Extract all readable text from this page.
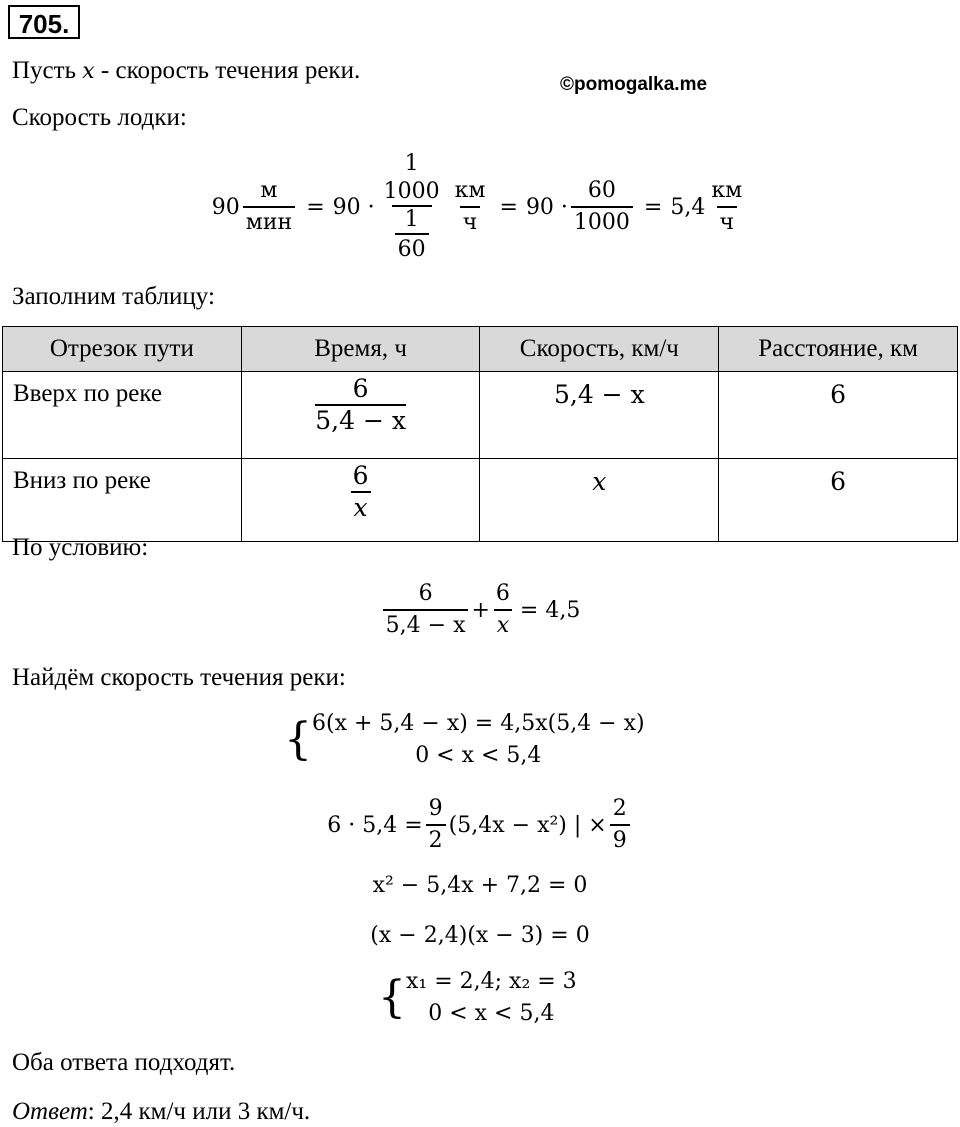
705.
Пусть x - скорость течения реки.
©pomogalka.me
Скорость лодки:
$90 \frac{м}{\text{мин}} = 90 \cdot 1$
1000
$\frac{1}{60} \frac{км}{ч} = 90 \cdot \frac{60}{1000} = 5,4 \frac{км}{ч}$
Заполним таблицу:
Отрезок пути	Время, ч	Скорость, км/ч	Расстояние, км
Вверх по реке	$\frac{6}{5,4 - x}$	5,4 − x	6
Вниз по реке	$\frac{6}{x}$	x	6
По условию:
$\frac{6}{5,4 - x} + \frac{6}{x} = 4,5$
Найдём скорость течения реки:
{ 6(x + 5,4 − x) = 4,5x(5,4 − x)
0 < x < 5,4
$6 \cdot 5,4 = \frac{9}{2} (5,4x - x^2)$ | × $\frac{2}{9}$
x² − 5,4x + 7,2 = 0
(x − 2,4)(x − 3) = 0
{ x₁ = 2,4; x₂ = 3
0 < x < 5,4
Оба ответа подходят.
Ответ: 2,4 км/ч или 3 км/ч.
